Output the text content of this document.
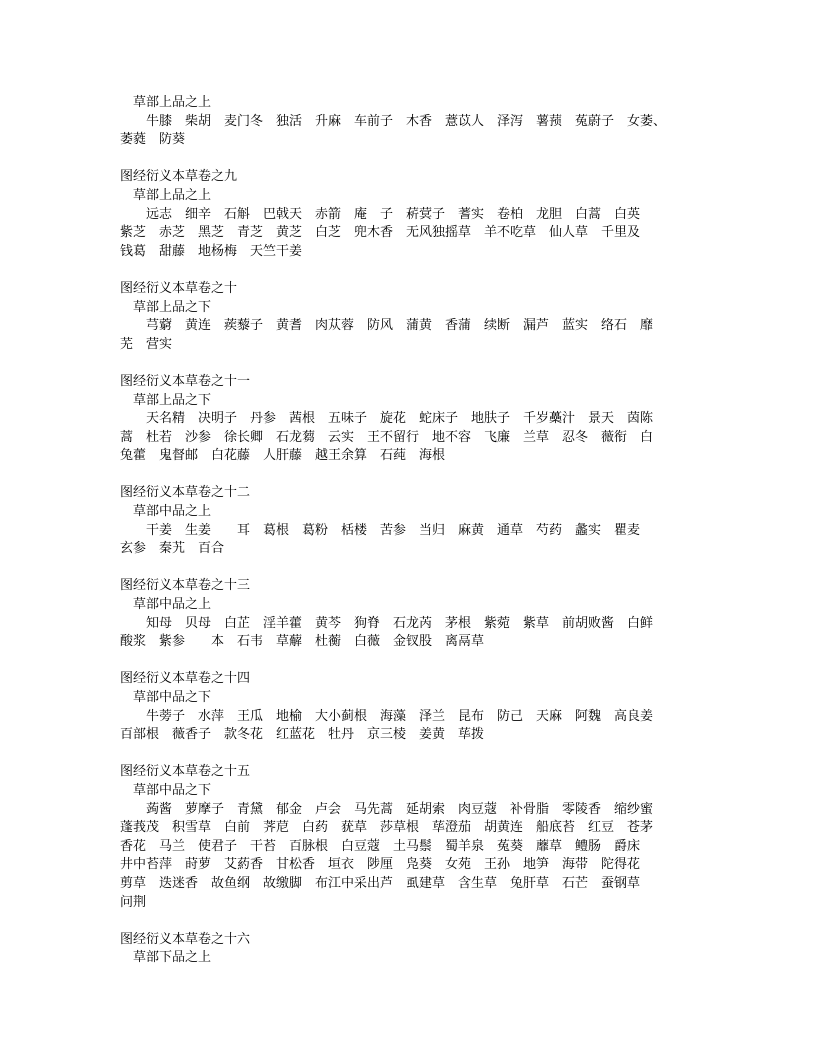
草部上品之上
牛膝　柴胡　麦门冬　独活　升麻　车前子　木香　薏苡人　泽泻　薯蓣　菟蔚子　女萎、
萎蕤　防葵
图经衍义本草卷之九
草部上品之上
远志　细辛　石斛　巴戟天　赤箭　庵　子　菥蓂子　蓍实　卷柏　龙胆　白蒿　白英
紫芝　赤芝　黑芝　青芝　黄芝　白芝　兜木香　无风独摇草　羊不吃草　仙人草　千里及
钱葛　甜藤　地杨梅　天竺干姜
图经衍义本草卷之十
草部上品之下
芎藭　黄连　蒺藜子　黄耆　肉苁蓉　防风　蒲黄　香蒲　续断　漏芦　蓝实　络石　靡
芜　营实
图经衍义本草卷之十一
草部上品之下
天名精　决明子　丹参　茜根　五味子　旋花　蛇床子　地肤子　千岁蘽汁　景天　茵陈
蒿　杜若　沙参　徐长卿　石龙蒭　云实　王不留行　地不容　飞廉　兰草　忍冬　薇衔　白
兔藿　鬼督邮　白花藤　人肝藤　越王余算　石莼　海根
图经衍义本草卷之十二
草部中品之上
干姜　生姜　　耳　葛根　葛粉　栝楼　苦参　当归　麻黄　通草　芍药　蠡实　瞿麦
玄参　秦艽　百合
图经衍义本草卷之十三
草部中品之上
知母　贝母　白芷　淫羊藿　黄芩　狗脊　石龙芮　茅根　紫菀　紫草　前胡败酱　白鲜
酸浆　紫参　　本　石韦　草薢　杜蘅　白薇　金钗股　离鬲草
图经衍义本草卷之十四
草部中品之下
牛蒡子　水萍　王瓜　地榆　大小蓟根　海藻　泽兰　昆布　防己　天麻　阿魏　高良姜
百部根　薇香子　款冬花　红蓝花　牡丹　京三棱　姜黄　荜拨
图经衍义本草卷之十五
草部中品之下
蒟酱　萝摩子　青黛　郁金　卢会　马先蒿　延胡索　肉豆蔻　补骨脂　零陵香　缩纱蜜
蓬莪茂　积雪草　白前　荠苨　白药　莸草　莎草根　荜澄茄　胡黄连　船底苔　红豆　苍茅
香花　马兰　使君子　干苔　百脉根　白豆蔻　土马鬃　蜀羊泉　菟葵　蘼草　鳢肠　爵床
井中苔萍　莳萝　艾葯香　甘松香　垣衣　陟厘　凫葵　女苑　王孙　地笋　海带　陀得花
剪草　迭迷香　故鱼纲　故缴脚　布江中采出芦　虱建草　含生草　兔肝草　石芒　蚕钢草
问荆
图经衍义本草卷之十六
草部下品之上
